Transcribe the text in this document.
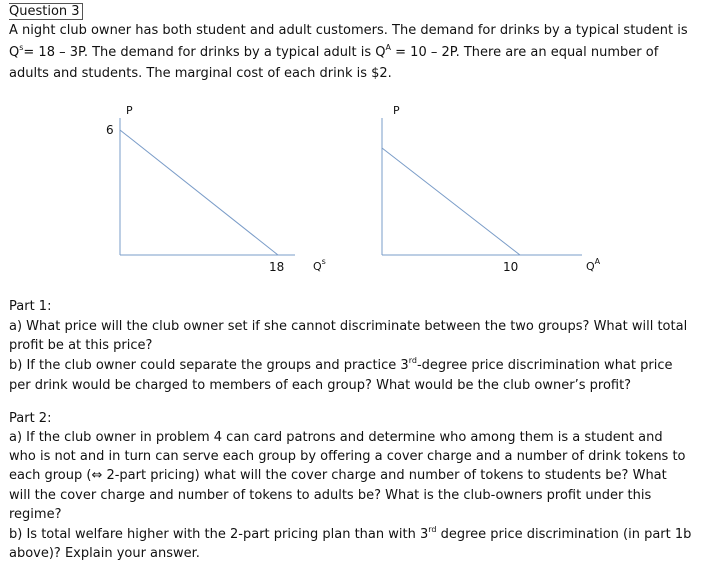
Question 3
A night club owner has both student and adult customers. The demand for drinks by a typical student is
$Q^s= 18 - 3P$. The demand for drinks by a typical adult is $Q^A = 10 - 2P$. There are an equal number of
adults and students. The marginal cost of each drink is $2.
P
6
18	$Q^s$
P
10	$Q^A$
Part 1:
a) What price will the club owner set if she cannot discriminate between the two groups? What will total
profit be at this price?
b) If the club owner could separate the groups and practice 3rd-degree price discrimination what price
per drink would be charged to members of each group? What would be the club owner’s profit?
Part 2:
a) If the club owner in problem 4 can card patrons and determine who among them is a student and
who is not and in turn can serve each group by offering a cover charge and a number of drink tokens to
each group (⇔ 2-part pricing) what will the cover charge and number of tokens to students be? What
will the cover charge and number of tokens to adults be? What is the club-owners profit under this
regime?
b) Is total welfare higher with the 2-part pricing plan than with 3rd degree price discrimination (in part 1b
above)? Explain your answer.
